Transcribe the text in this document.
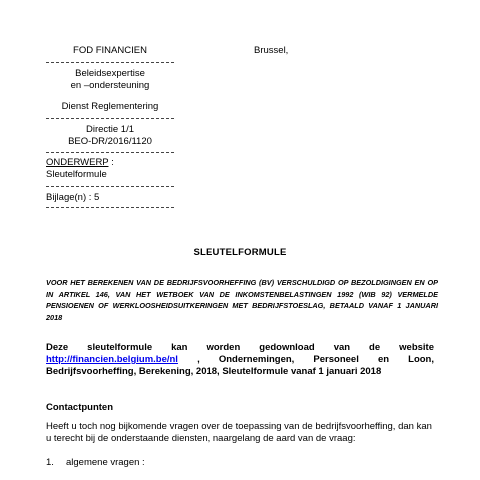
FOD FINANCIEN	Brussel,
Beleidsexpertise
en –ondersteuning
Dienst Reglementering
Directie 1/1
BEO-DR/2016/1120
ONDERWERP :
Sleutelformule
Bijlage(n) : 5
SLEUTELFORMULE
VOOR HET BEREKENEN VAN DE BEDRIJFSVOORHEFFING (BV) VERSCHULDIGD OP BEZOLDIGINGEN EN OP IN ARTIKEL 146, VAN HET WETBOEK VAN DE INKOMSTENBELASTINGEN 1992 (WIB 92) VERMELDE PENSIOENEN OF WERKLOOSHEIDSUITKERINGEN MET BEDRIJFSTOESLAG, BETAALD VANAF 1 JANUARI 2018
Deze sleutelformule kan worden gedownload van de website http://financien.belgium.be/nl , Ondernemingen, Personeel en Loon, Bedrijfsvoorheffing, Berekening, 2018, Sleutelformule vanaf 1 januari 2018
Contactpunten
Heeft u toch nog bijkomende vragen over de toepassing van de bedrijfsvoorheffing, dan kan u terecht bij de onderstaande diensten, naargelang de aard van de vraag:
1. algemene vragen :
